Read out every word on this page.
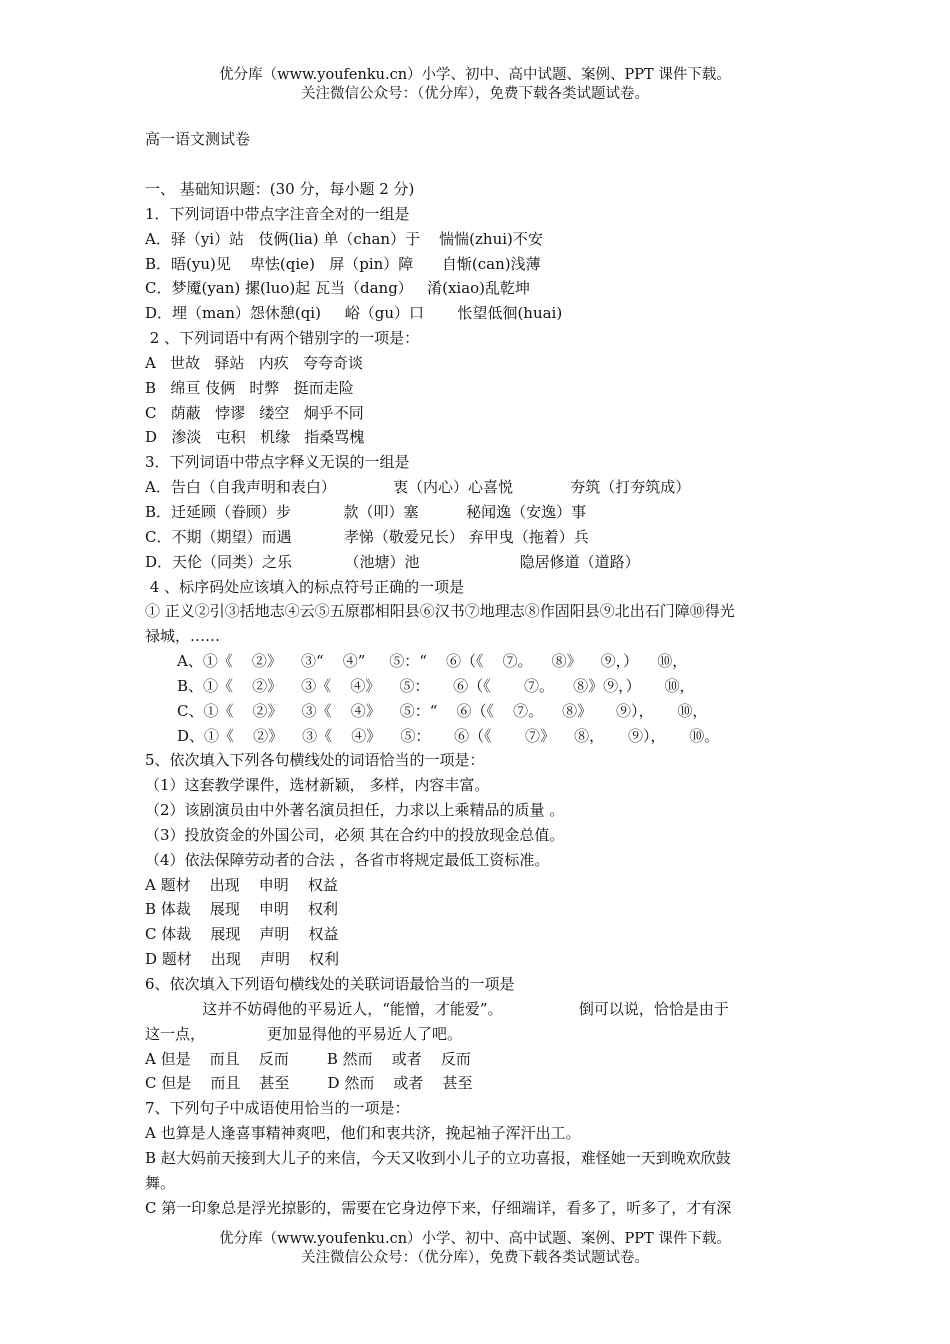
优分库（www.youfenku.cn）小学、初中、高中试题、案例、PPT 课件下载。
关注微信公众号：（优分库），免费下载各类试题试卷。
高一语文测试卷
一、 基础知识题：(30 分，每小题 2 分)
1．下列词语中带点字注音全对的一组是
A．驿（yi）站   伎俩(lia) 单（chan）于    惴惴(zhui)不安
B．晤(yu)见    卑怯(qie)   屏（pin）障      自惭(can)浅薄
C．梦魇(yan) 摞(luo)起 瓦当（dang）   淆(xiao)乱乾坤
D．埋（man）怨休憩(qi)     峪（gu）口       怅望低徊(huai)
2 、下列词语中有两个错别字的一项是：
A   世故   驿站   内疚   夸夸奇谈
B   绵亘 伎俩   时弊   挺而走险
C   荫蔽   悖谬   缕空   炯乎不同
D   渗淡   屯积   机缘   指桑骂槐
3．下列词语中带点字释义无误的一组是
A．告白（自我声明和表白）            衷（内心）心喜悦            夯筑（打夯筑成）
B．迁延顾（眷顾）步           款（叩）塞          秘闻逸（安逸）事
C．不期（期望）而遇           孝悌（敬爱兄长） 弃甲曳（拖着）兵
D．天伦（同类）之乐           （池塘）池                     隐居修道（道路）
4 、标序码处应该填入的标点符号正确的一项是
① 正义②引③括地志④云⑤五原郡相阳县⑥汉书⑦地理志⑧作固阳县⑨北出石门障⑩得光
禄城，……
A、①《    ②》    ③“    ④”     ⑤：“    ⑥（《    ⑦。    ⑧》    ⑨，）    ⑩，
B、①《    ②》    ③《    ④》    ⑤：     ⑥（《       ⑦。    ⑧》⑨，）     ⑩，
C、①《    ②》    ③《    ④》    ⑤：“    ⑥（《    ⑦。    ⑧》     ⑨），     ⑩，
D、①《    ②》    ③《    ④》    ⑤：     ⑥（《       ⑦》    ⑧，     ⑨），     ⑩。
5、依次填入下列各句横线处的词语恰当的一项是：
（1）这套教学课件，选材新颖， 多样，内容丰富。
（2）该剧演员由中外著名演员担任，力求以上乘精品的质量 。
（3）投放资金的外国公司，必须 其在合约中的投放现金总值。
（4）依法保障劳动者的合法 ，各省市将规定最低工资标准。
A 题材    出现    申明    权益
B 体裁    展现    申明    权利
C 体裁    展现    声明    权益
D 题材    出现    声明    权利
6、依次填入下列语句横线处的关联词语最恰当的一项是
这并不妨碍他的平易近人，“能憎，才能爱”。                倒可以说，恰恰是由于
这一点，             更加显得他的平易近人了吧。
A 但是    而且    反而        B 然而    或者    反而
C 但是    而且    甚至        D 然而    或者    甚至
7、下列句子中成语使用恰当的一项是：
A 也算是人逢喜事精神爽吧，他们和衷共济，挽起袖子浑汗出工。
B 赵大妈前天接到大儿子的来信，今天又收到小儿子的立功喜报，难怪她一天到晚欢欣鼓
舞。
C 第一印象总是浮光掠影的，需要在它身边停下来，仔细端详，看多了，听多了，才有深
优分库（www.youfenku.cn）小学、初中、高中试题、案例、PPT 课件下载。
关注微信公众号：（优分库），免费下载各类试题试卷。
